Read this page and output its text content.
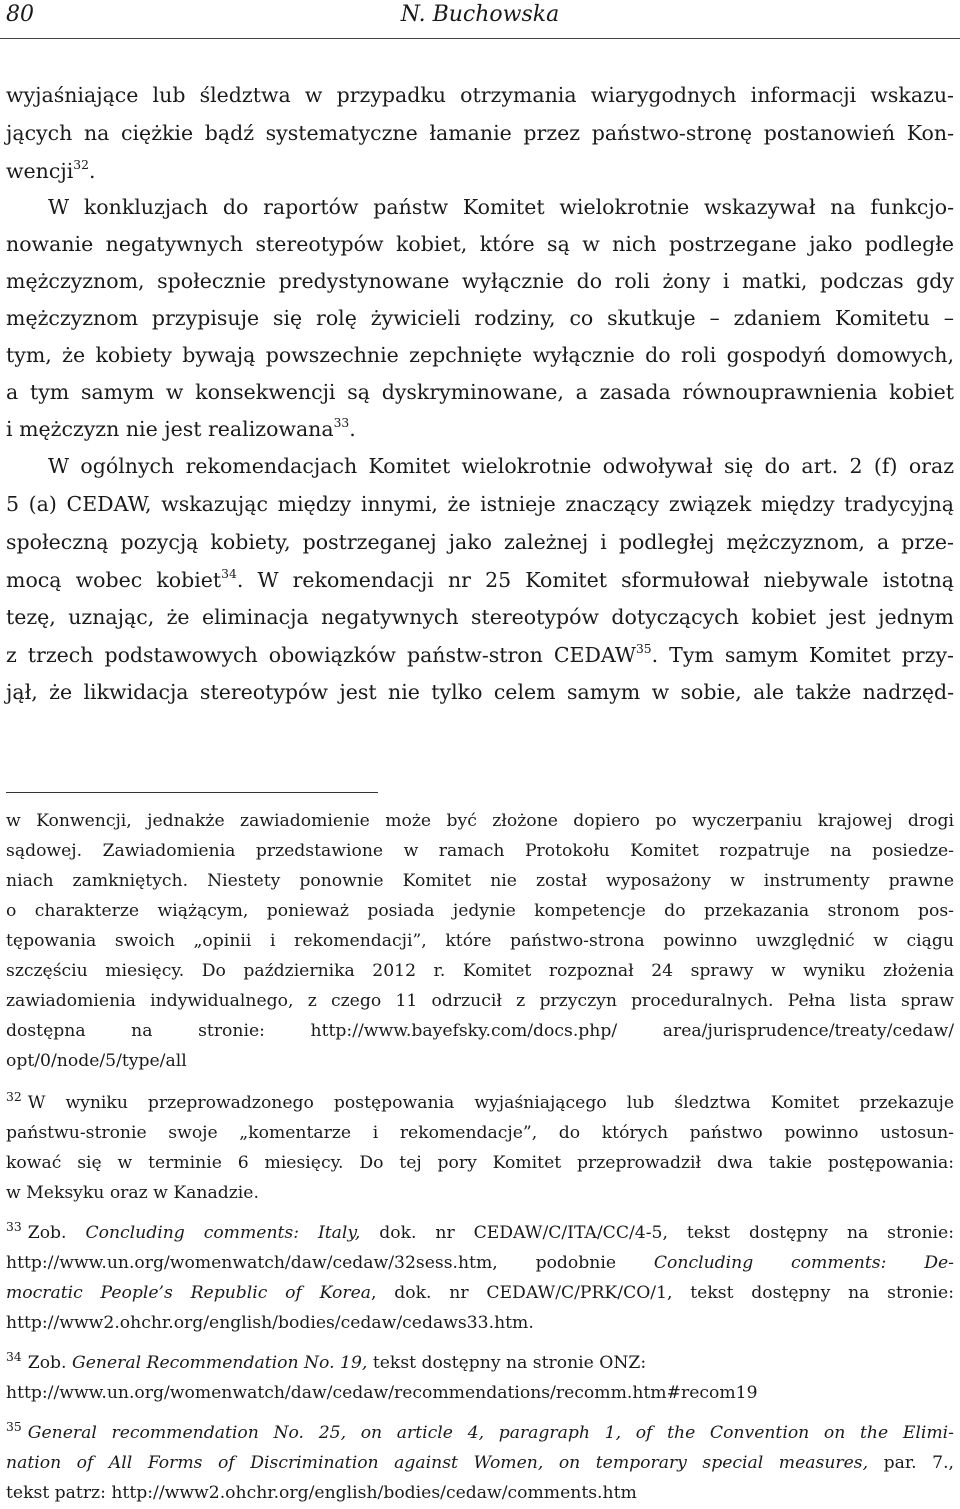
80	N. Buchowska
wyjaśniające lub śledztwa w przypadku otrzymania wiarygodnych informacji wskazu-
jących na ciężkie bądź systematyczne łamanie przez państwo-stronę postanowień Kon-
wencji$^{32}$.
W konkluzjach do raportów państw Komitet wielokrotnie wskazywał na funkcjo-
nowanie negatywnych stereotypów kobiet, które są w nich postrzegane jako podległe
mężczyznom, społecznie predystynowane wyłącznie do roli żony i matki, podczas gdy
mężczyznom przypisuje się rolę żywicieli rodziny, co skutkuje – zdaniem Komitetu –
tym, że kobiety bywają powszechnie zepchnięte wyłącznie do roli gospodyń domowych,
a tym samym w konsekwencji są dyskryminowane, a zasada równouprawnienia kobiet
i mężczyzn nie jest realizowana$^{33}$.
W ogólnych rekomendacjach Komitet wielokrotnie odwoływał się do art. 2 (f) oraz
5 (a) CEDAW, wskazując między innymi, że istnieje znaczący związek między tradycyjną
społeczną pozycją kobiety, postrzeganej jako zależnej i podległej mężczyznom, a prze-
mocą wobec kobiet$^{34}$. W rekomendacji nr 25 Komitet sformułował niebywale istotną
tezę, uznając, że eliminacja negatywnych stereotypów dotyczących kobiet jest jednym
z trzech podstawowych obowiązków państw-stron CEDAW$^{35}$. Tym samym Komitet przy-
jął, że likwidacja stereotypów jest nie tylko celem samym w sobie, ale także nadrzęd-
w Konwencji, jednakże zawiadomienie może być złożone dopiero po wyczerpaniu krajowej drogi
sądowej. Zawiadomienia przedstawione w ramach Protokołu Komitet rozpatruje na posiedze-
niach zamkniętych. Niestety ponownie Komitet nie został wyposażony w instrumenty prawne
o charakterze wiążącym, ponieważ posiada jedynie kompetencje do przekazania stronom pos-
tępowania swoich „opinii i rekomendacji”, które państwo-strona powinno uwzględnić w ciągu
szczęściu miesięcy. Do października 2012 r. Komitet rozpoznał 24 sprawy w wyniku złożenia
zawiadomienia indywidualnego, z czego 11 odrzucił z przyczyn proceduralnych. Pełna lista spraw
dostępna na stronie: http://www.bayefsky.com/docs.php/ area/jurisprudence/treaty/cedaw/
opt/0/node/5/type/all
$^{32}$ W wyniku przeprowadzonego postępowania wyjaśniającego lub śledztwa Komitet przekazuje
państwu-stronie swoje „komentarze i rekomendacje”, do których państwo powinno ustosun-
kować się w terminie 6 miesięcy. Do tej pory Komitet przeprowadził dwa takie postępowania:
w Meksyku oraz w Kanadzie.
$^{33}$ Zob. Concluding comments: Italy, dok. nr CEDAW/C/ITA/CC/4-5, tekst dostępny na stronie:
http://www.un.org/womenwatch/daw/cedaw/32sess.htm, podobnie Concluding comments: De-
mocratic People’s Republic of Korea, dok. nr CEDAW/C/PRK/CO/1, tekst dostępny na stronie:
http://www2.ohchr.org/english/bodies/cedaw/cedaws33.htm.
$^{34}$ Zob. General Recommendation No. 19, tekst dostępny na stronie ONZ:
http://www.un.org/womenwatch/daw/cedaw/recommendations/recomm.htm#recom19
$^{35}$ General recommendation No. 25, on article 4, paragraph 1, of the Convention on the Elimi-
nation of All Forms of Discrimination against Women, on temporary special measures, par. 7.,
tekst patrz: http://www2.ohchr.org/english/bodies/cedaw/comments.htm
